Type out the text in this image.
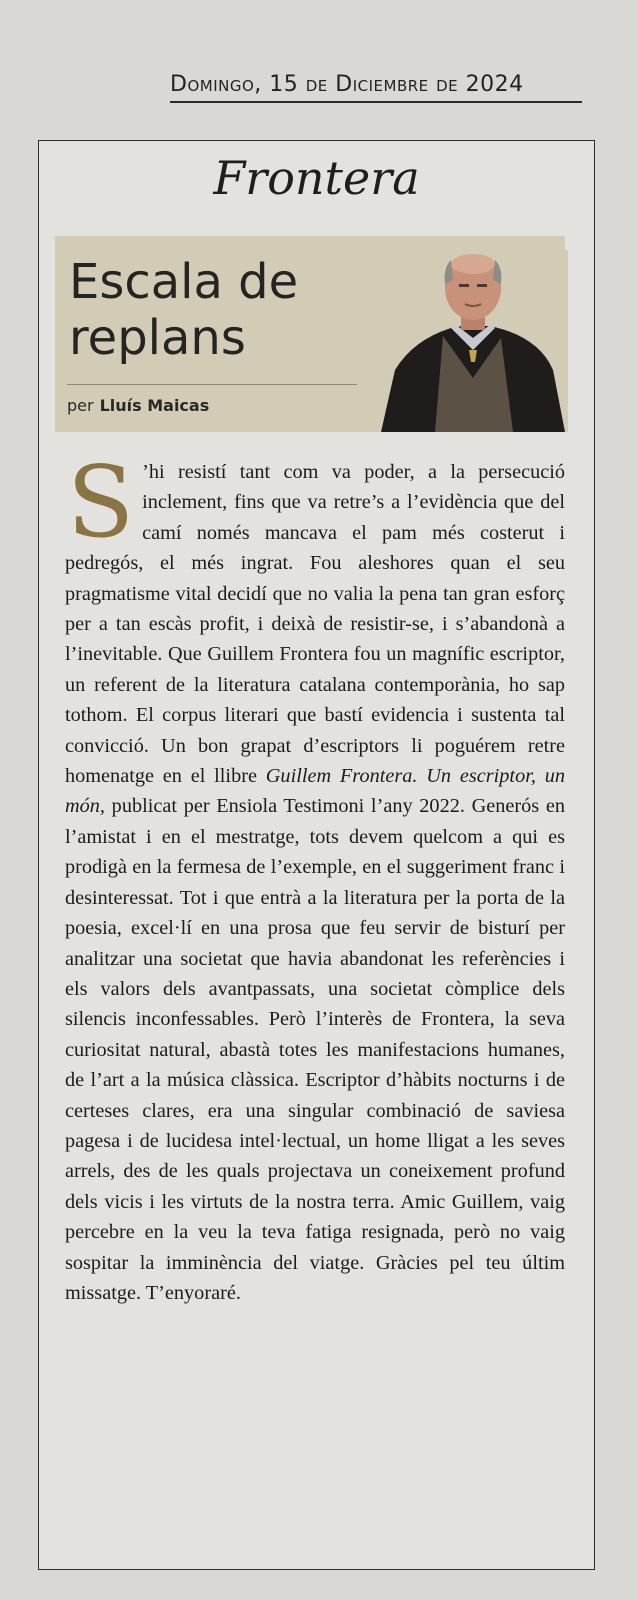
Domingo, 15 de Diciembre de 2024
Frontera
Escala de
replans
per Lluís Maicas
S ’hi resistí tant com va poder, a la persecució inclement, fins que va retre’s a l’evidència que del camí només mancava el pam més costerut i pedregós, el més ingrat. Fou aleshores quan el seu pragmatisme vital decidí que no valia la pena tan gran esforç per a tan escàs profit, i deixà de resistir-se, i s’abandonà a l’inevitable. Que Guillem Frontera fou un magnífic escriptor, un referent de la literatura catalana contemporània, ho sap tothom. El corpus literari que bastí evidencia i sustenta tal convicció. Un bon grapat d’escriptors li poguérem retre homenatge en el llibre Guillem Frontera. Un escriptor, un món, publicat per Ensiola Testimoni l’any 2022. Generós en l’amistat i en el mestratge, tots devem quelcom a qui es prodigà en la fermesa de l’exemple, en el suggeriment franc i desinteressat. Tot i que entrà a la literatura per la porta de la poesia, excel·lí en una prosa que feu servir de bisturí per analitzar una societat que havia abandonat les referències i els valors dels avantpassats, una societat còmplice dels silencis inconfessables. Però l’interès de Frontera, la seva curiositat natural, abastà totes les manifestacions humanes, de l’art a la música clàssica. Escriptor d’hàbits nocturns i de certeses clares, era una singular combinació de saviesa pagesa i de lucidesa intel·lectual, un home lligat a les seves arrels, des de les quals projectava un coneixement profund dels vicis i les virtuts de la nostra terra. Amic Guillem, vaig percebre en la veu la teva fatiga resignada, però no vaig sospitar la imminència del viatge. Gràcies pel teu últim missatge. T’enyoraré.
